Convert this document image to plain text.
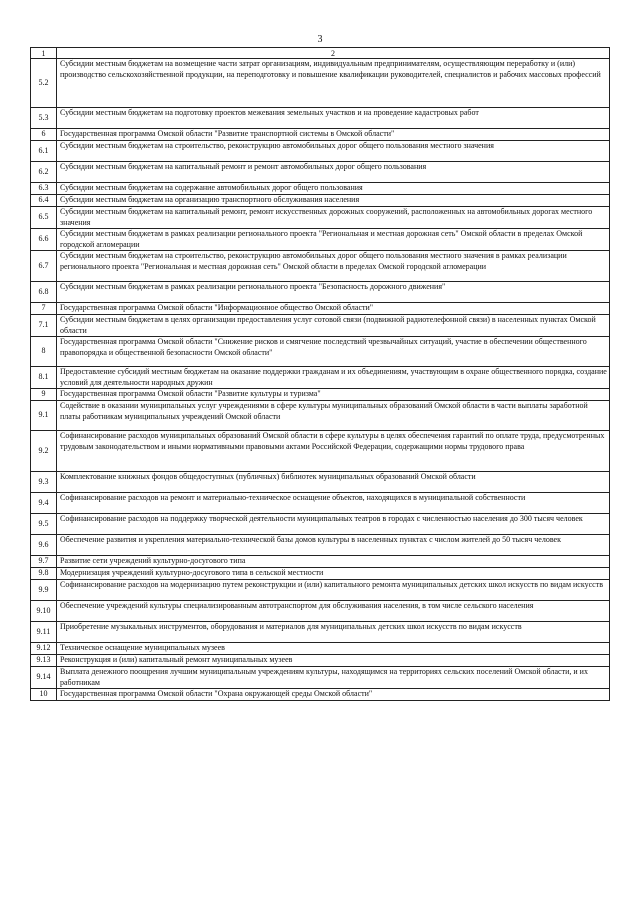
3
1	2
5.2	Субсидии местным бюджетам на возмещение части затрат организациям, индивидуальным предпринимателям, осуществляющим переработку и (или) производство сельскохозяйственной продукции, на переподготовку и повышение квалификации руководителей, специалистов и рабочих массовых профессий
5.3	Субсидии местным бюджетам на подготовку проектов межевания земельных участков и на проведение кадастровых работ
6	Государственная программа Омской области "Развитие транспортной системы в Омской области"
6.1	Субсидии местным бюджетам на строительство, реконструкцию автомобильных дорог общего пользования местного значения
6.2	Субсидии местным бюджетам на капитальный ремонт и ремонт автомобильных дорог общего пользования
6.3	Субсидии местным бюджетам на содержание автомобильных дорог общего пользования
6.4	Субсидии местным бюджетам на организацию транспортного обслуживания населения
6.5	Субсидии местным бюджетам на капитальный ремонт, ремонт искусственных дорожных сооружений, расположенных на автомобильных дорогах местного значения
6.6	Субсидии местным бюджетам в рамках реализации регионального проекта "Региональная и местная дорожная сеть" Омской области в пределах Омской городской агломерации
6.7	Субсидии местным бюджетам на строительство, реконструкцию автомобильных дорог общего пользования местного значения в рамках реализации регионального проекта "Региональная и местная дорожная сеть" Омской области в пределах Омской городской агломерации
6.8	Субсидии местным бюджетам в рамках реализации регионального проекта "Безопасность дорожного движения"
7	Государственная программа Омской области "Информационное общество Омской области"
7.1	Субсидии местным бюджетам в целях организации предоставления услуг сотовой связи (подвижной радиотелефонной связи) в населенных пунктах Омской области
8	Государственная программа Омской области "Снижение рисков и смягчение последствий чрезвычайных ситуаций, участие в обеспечении общественного правопорядка и общественной безопасности Омской области"
8.1	Предоставление субсидий местным бюджетам на оказание поддержки гражданам и их объединениям, участвующим в охране общественного порядка, создание условий для деятельности народных дружин
9	Государственная программа Омской области "Развитие культуры и туризма"
9.1	Содействие в оказании муниципальных услуг учреждениями в сфере культуры муниципальных образований Омской области в части выплаты заработной платы работникам муниципальных учреждений Омской области
9.2	Софинансирование расходов муниципальных образований Омской области в сфере культуры в целях обеспечения гарантий по оплате труда, предусмотренных трудовым законодательством и иными нормативными правовыми актами Российской Федерации, содержащими нормы трудового права
9.3	Комплектование книжных фондов общедоступных (публичных) библиотек муниципальных образований Омской области
9.4	Софинансирование расходов на ремонт и материально-техническое оснащение объектов, находящихся в муниципальной собственности
9.5	Софинансирование расходов на поддержку творческой деятельности муниципальных театров в городах с численностью населения до 300 тысяч человек
9.6	Обеспечение развития и укрепления материально-технической базы домов культуры в населенных пунктах с числом жителей до 50 тысяч человек
9.7	Развитие сети учреждений культурно-досугового типа
9.8	Модернизация учреждений культурно-досугового типа в сельской местности
9.9	Софинансирование расходов на модернизацию путем реконструкции и (или) капитального ремонта муниципальных детских школ искусств по видам искусств
9.10	Обеспечение учреждений культуры специализированным автотранспортом для обслуживания населения, в том числе сельского населения
9.11	Приобретение музыкальных инструментов, оборудования и материалов для муниципальных детских школ искусств по видам искусств
9.12	Техническое оснащение муниципальных музеев
9.13	Реконструкция и (или) капитальный ремонт муниципальных музеев
9.14	Выплата денежного поощрения лучшим муниципальным учреждениям культуры, находящимся на территориях сельских поселений Омской области, и их работникам
10	Государственная программа Омской области "Охрана окружающей среды Омской области"
